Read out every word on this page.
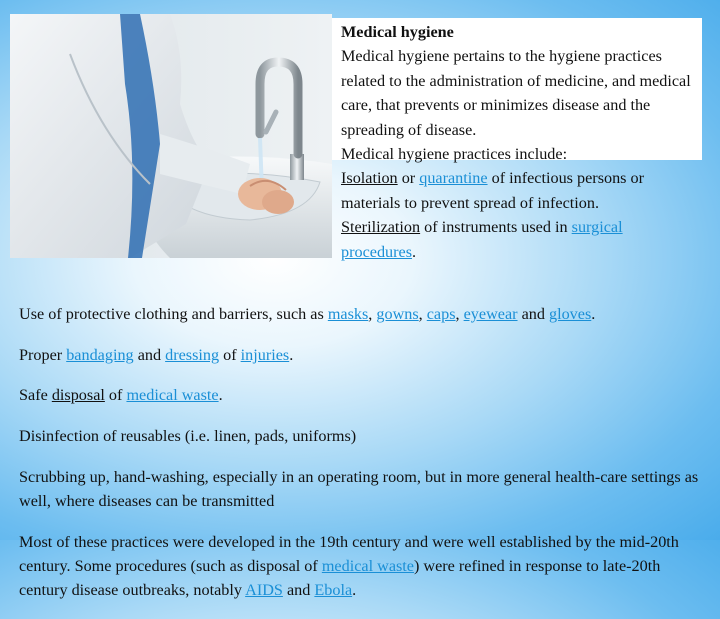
Medical hygiene

Medical hygiene pertains to the hygiene practices related to the administration of medicine, and medical care, that prevents or minimizes disease and the spreading of disease.

Medical hygiene practices include:

Isolation or quarantine of infectious persons or materials to prevent spread of infection.

Sterilization of instruments used in surgical procedures.

Use of protective clothing and barriers, such as masks, gowns, caps, eyewear and gloves.

Proper bandaging and dressing of injuries.

Safe disposal of medical waste.

Disinfection of reusables (i.e. linen, pads, uniforms)

Scrubbing up, hand-washing, especially in an operating room, but in more general health-care settings as well, where diseases can be transmitted

Most of these practices were developed in the 19th century and were well established by the mid-20th century. Some procedures (such as disposal of medical waste) were refined in response to late-20th century disease outbreaks, notably AIDS and Ebola.
